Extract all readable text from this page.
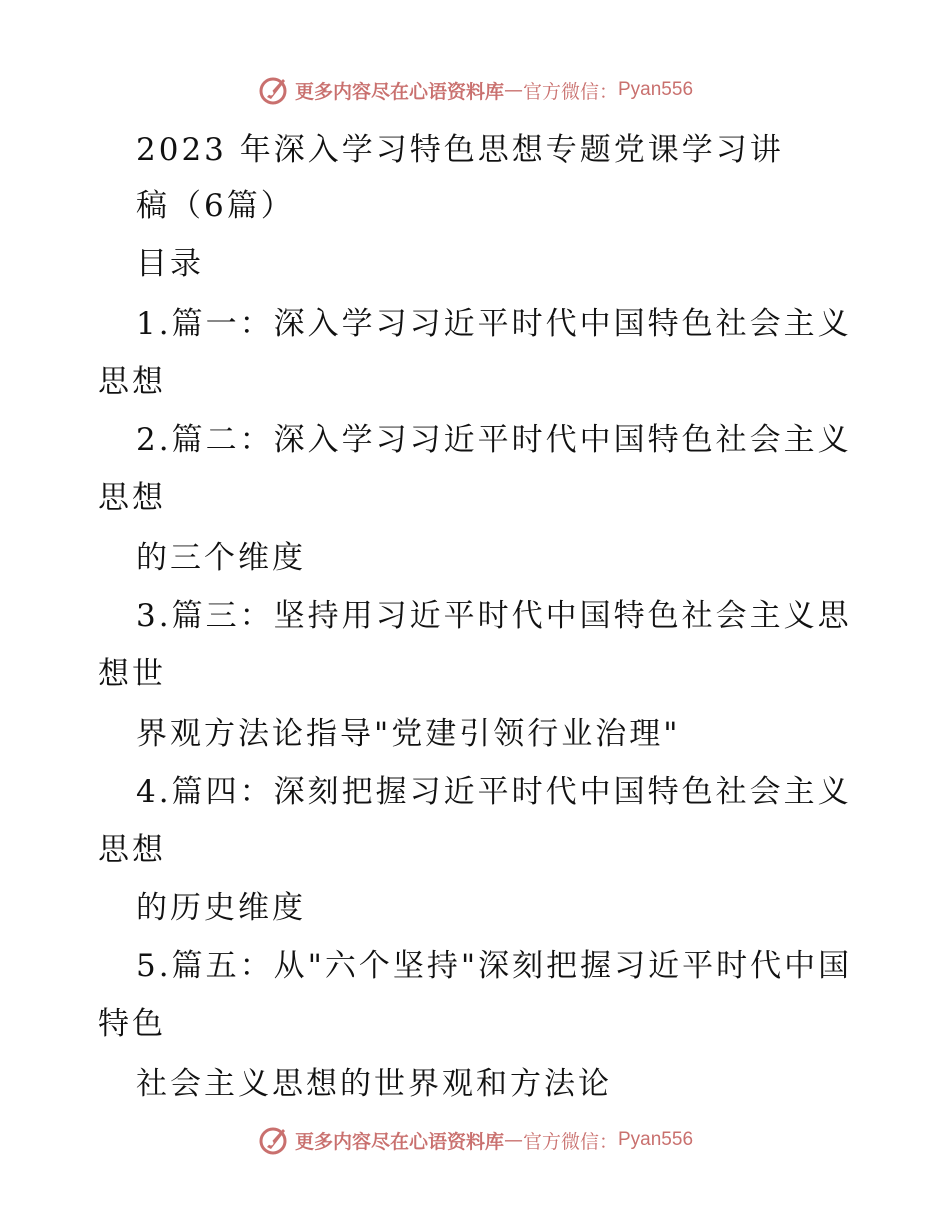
更多内容尽在心语资料库 — 官方微信： Pyan556
2023 年深入学习特色思想专题党课学习讲
稿（6篇）
目录
1.篇一：深入学习习近平时代中国特色社会主义
思想
2.篇二：深入学习习近平时代中国特色社会主义
思想
的三个维度
3.篇三：坚持用习近平时代中国特色社会主义思
想世
界观方法论指导"党建引领行业治理"
4.篇四：深刻把握习近平时代中国特色社会主义
思想
的历史维度
5.篇五：从"六个坚持"深刻把握习近平时代中国
特色
社会主义思想的世界观和方法论
更多内容尽在心语资料库 — 官方微信： Pyan556
